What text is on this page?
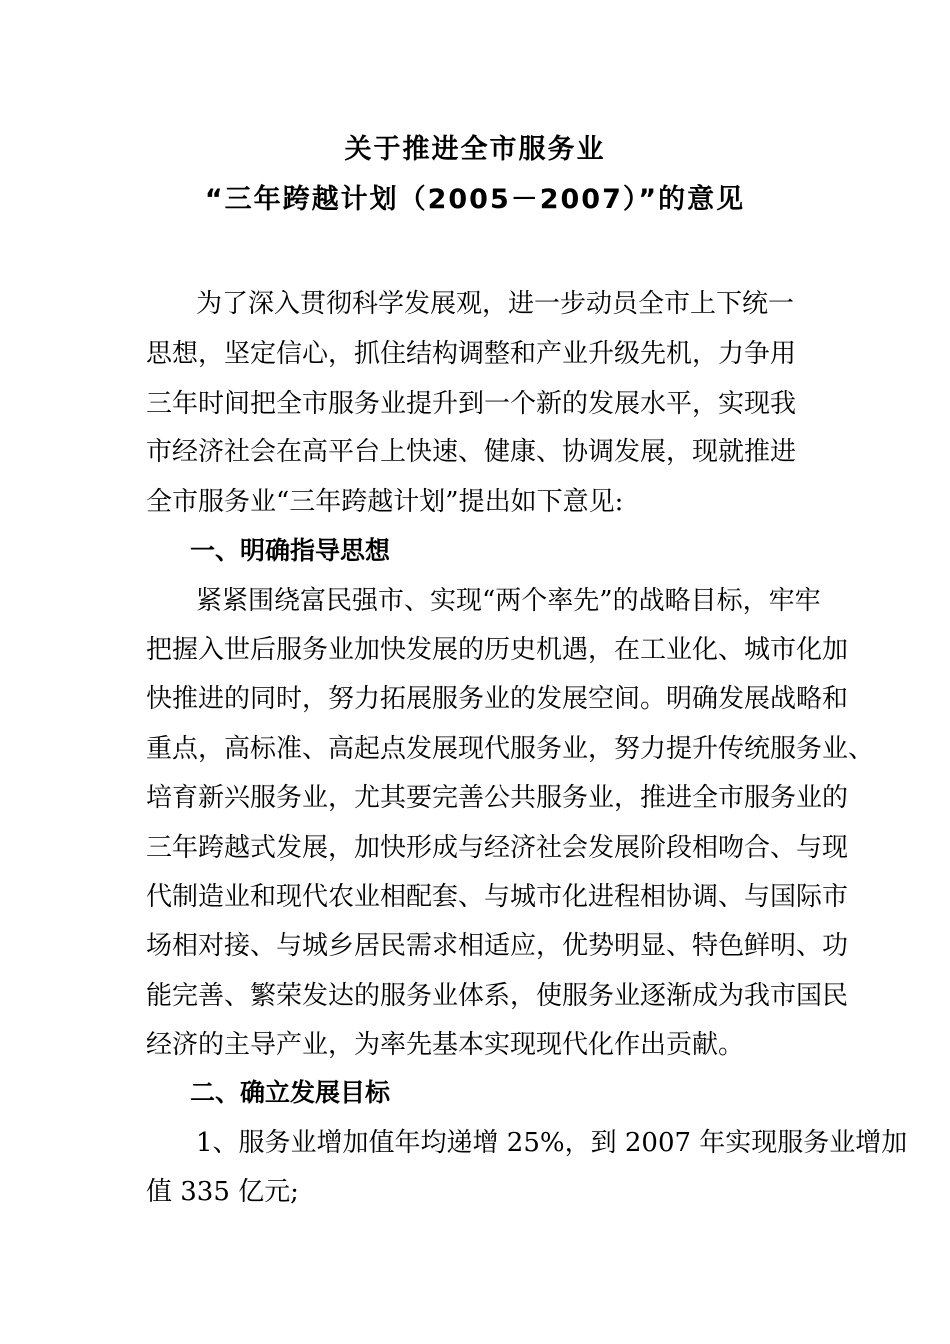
关于推进全市服务业
“三年跨越计划（2005－2007）”的意见
为了深入贯彻科学发展观，进一步动员全市上下统一
思想，坚定信心，抓住结构调整和产业升级先机，力争用
三年时间把全市服务业提升到一个新的发展水平，实现我
市经济社会在高平台上快速、健康、协调发展，现就推进
全市服务业“三年跨越计划”提出如下意见:
一、明确指导思想
紧紧围绕富民强市、实现“两个率先”的战略目标，牢牢
把握入世后服务业加快发展的历史机遇，在工业化、城市化加
快推进的同时，努力拓展服务业的发展空间。明确发展战略和
重点，高标准、高起点发展现代服务业，努力提升传统服务业、
培育新兴服务业，尤其要完善公共服务业，推进全市服务业的
三年跨越式发展，加快形成与经济社会发展阶段相吻合、与现
代制造业和现代农业相配套、与城市化进程相协调、与国际市
场相对接、与城乡居民需求相适应，优势明显、特色鲜明、功
能完善、繁荣发达的服务业体系，使服务业逐渐成为我市国民
经济的主导产业，为率先基本实现现代化作出贡献。
二、确立发展目标
1、服务业增加值年均递增 25%，到 2007 年实现服务业增加
值 335 亿元;
